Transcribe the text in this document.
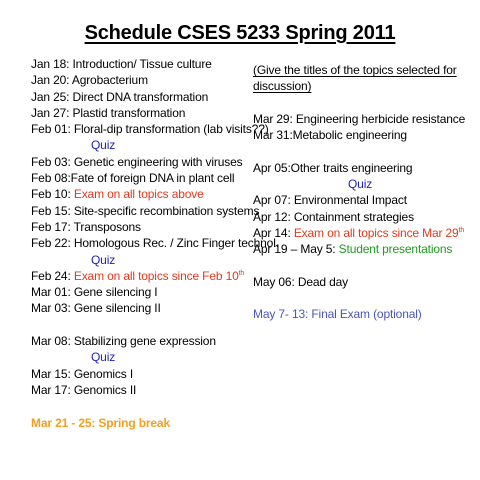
Schedule CSES 5233 Spring 2011
Jan 18: Introduction/ Tissue culture
Jan 20: Agrobacterium
Jan 25: Direct DNA transformation
Jan 27: Plastid transformation
Feb 01: Floral-dip transformation (lab visits??)
Quiz
Feb 03: Genetic engineering with viruses
Feb 08:Fate of foreign DNA in plant cell
Feb 10: Exam on all topics above
Feb 15: Site-specific recombination systems
Feb 17: Transposons
Feb 22: Homologous Rec. / Zinc Finger technol.
Quiz
Feb 24: Exam on all topics since Feb 10th
Mar 01: Gene silencing I
Mar 03: Gene silencing II
Mar 08: Stabilizing gene expression
Quiz
Mar 15: Genomics I
Mar 17: Genomics II
Mar 21 - 25: Spring break
(Give the titles of the topics selected for
discussion)
Mar 29: Engineering herbicide resistance
Mar 31:Metabolic engineering
Apr 05:Other traits engineering
Quiz
Apr 07: Environmental Impact
Apr 12: Containment strategies
Apr 14: Exam on all topics since Mar 29th
Apr 19 – May 5: Student presentations
May 06: Dead day
May 7- 13: Final Exam (optional)
